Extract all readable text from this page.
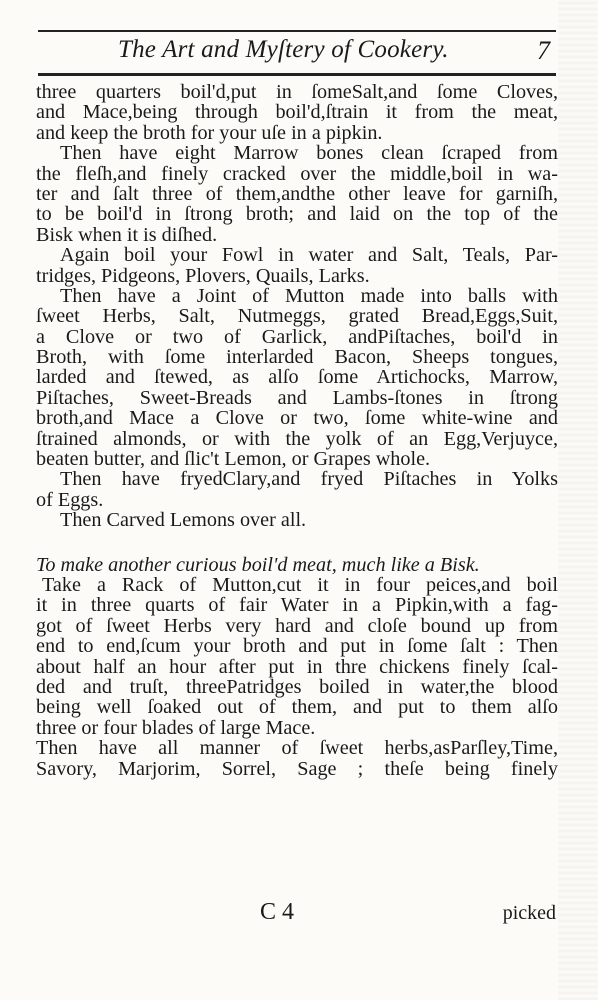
The Art and Myſtery of Cookery.	7
three quarters boil'd,put in ſomeSalt,and ſome Cloves,
and Mace,being through boil'd,ſtrain it from the meat,
and keep the broth for your uſe in a pipkin.
Then have eight Marrow bones clean ſcraped from
the fleſh,and finely cracked over the middle,boil in wa-
ter and ſalt three of them,andthe other leave for garniſh,
to be boil'd in ſtrong broth; and laid on the top of the
Bisk when it is diſhed.
Again boil your Fowl in water and Salt, Teals, Par-
tridges, Pidgeons, Plovers, Quails, Larks.
Then have a Joint of Mutton made into balls with
ſweet Herbs, Salt, Nutmeggs, grated Bread,Eggs,Suit,
a Clove or two of Garlick, andPiſtaches, boil'd in
Broth, with ſome interlarded Bacon, Sheeps tongues,
larded and ſtewed, as alſo ſome Artichocks, Marrow,
Piſtaches, Sweet-Breads and Lambs-ſtones in ſtrong
broth,and Mace a Clove or two, ſome white-wine and
ſtrained almonds, or with the yolk of an Egg,Verjuyce,
beaten butter, and ſlic't Lemon, or Grapes whole.
Then have fryedClary,and fryed Piſtaches in Yolks
of Eggs.
Then Carved Lemons over all.
To make another curious boil'd meat, much like a Bisk.
Take a Rack of Mutton,cut it in four peices,and boil
it in three quarts of fair Water in a Pipkin,with a fag-
got of ſweet Herbs very hard and cloſe bound up from
end to end,ſcum your broth and put in ſome ſalt : Then
about half an hour after put in thre chickens finely ſcal-
ded and truſt, threePatridges boiled in water,the blood
being well ſoaked out of them, and put to them alſo
three or four blades of large Mace.
Then have all manner of ſweet herbs,asParſley,Time,
Savory, Marjorim, Sorrel, Sage ; theſe being finely
C 4	picked
